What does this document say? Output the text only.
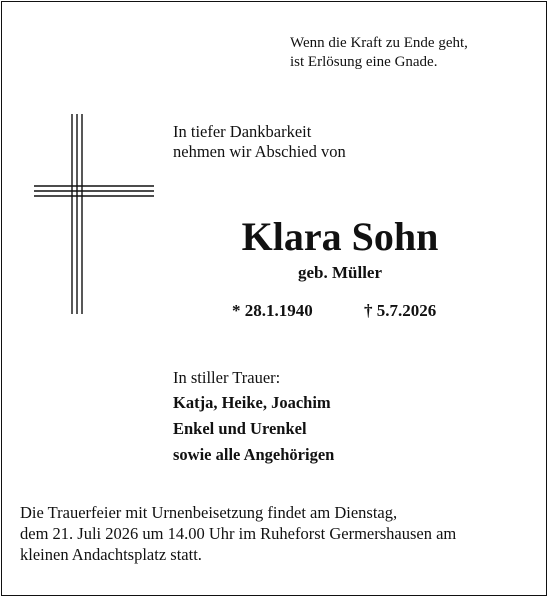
Wenn die Kraft zu Ende geht,
ist Erlösung eine Gnade.
In tiefer Dankbarkeit
nehmen wir Abschied von
Klara Sohn
geb. Müller
* 28.1.1940	† 5.7.2026
In stiller Trauer:
Katja, Heike, Joachim
Enkel und Urenkel
sowie alle Angehörigen
Die Trauerfeier mit Urnenbeisetzung findet am Dienstag,
dem 21. Juli 2026 um 14.00 Uhr im Ruheforst Germershausen am
kleinen Andachtsplatz statt.
